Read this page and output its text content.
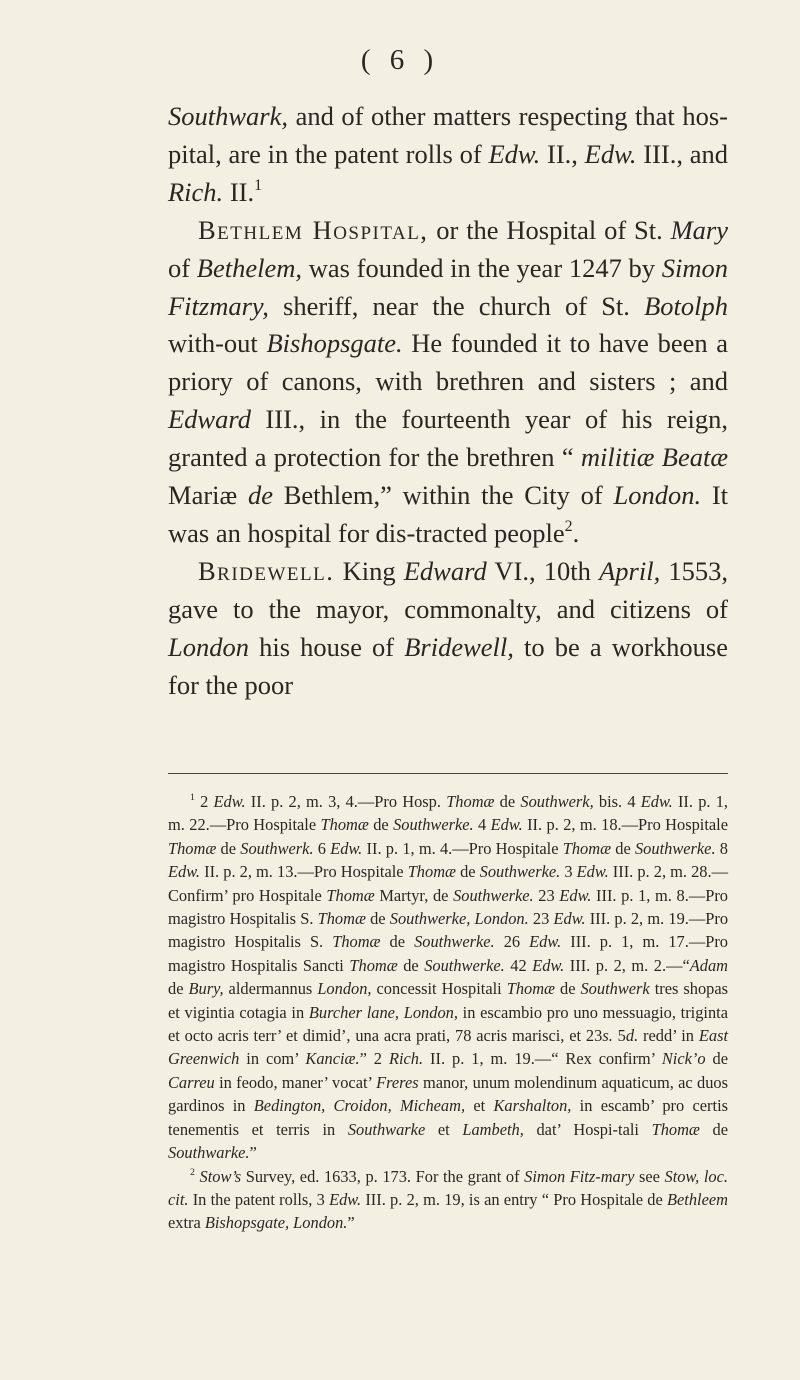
( 6 )

Southwark, and of other matters respecting that hos-pital, are in the patent rolls of Edw. II., Edw. III., and Rich. II.$^1$

Bethlem Hospital, or the Hospital of St. Mary of Bethelem, was founded in the year 1247 by Simon Fitzmary, sheriff, near the church of St. Botolph with-out Bishopsgate. He founded it to have been a priory of canons, with brethren and sisters ; and Edward III., in the fourteenth year of his reign, granted a protection for the brethren “ militiæ Beatæ Mariæ de Bethlem,” within the City of London. It was an hospital for dis-tracted people$^2$.

Bridewell. King Edward VI., 10th April, 1553, gave to the mayor, commonalty, and citizens of London his house of Bridewell, to be a workhouse for the poor

$^1$ 2 Edw. II. p. 2, m. 3, 4.—Pro Hosp. Thomæ de Southwerk, bis. 4 Edw. II. p. 1, m. 22.—Pro Hospitale Thomæ de Southwerke. 4 Edw. II. p. 2, m. 18.—Pro Hospitale Thomæ de Southwerk. 6 Edw. II. p. 1, m. 4.—Pro Hospitale Thomæ de Southwerke. 8 Edw. II. p. 2, m. 13.—Pro Hospitale Thomæ de Southwerke. 3 Edw. III. p. 2, m. 28.—Confirm’ pro Hospitale Thomæ Martyr, de Southwerke. 23 Edw. III. p. 1, m. 8.—Pro magistro Hospitalis S. Thomæ de Southwerke, London. 23 Edw. III. p. 2, m. 19.—Pro magistro Hospitalis S. Thomæ de Southwerke. 26 Edw. III. p. 1, m. 17.—Pro magistro Hospitalis Sancti Thomæ de Southwerke. 42 Edw. III. p. 2, m. 2.—“Adam de Bury, aldermannus London, concessit Hospitali Thomæ de Southwerk tres shopas et vigintia cotagia in Burcher lane, London, in escambio pro uno messuagio, triginta et octo acris terr’ et dimid’, una acra prati, 78 acris marisci, et 23s. 5d. redd’ in East Greenwich in com’ Kanciæ.” 2 Rich. II. p. 1, m. 19.—“ Rex confirm’ Nick’o de Carreu in feodo, maner’ vocat’ Freres manor, unum molendinum aquaticum, ac duos gardinos in Bedington, Croidon, Micheam, et Karshalton, in escamb’ pro certis tenementis et terris in Southwarke et Lambeth, dat’ Hospi-tali Thomæ de Southwarke.”

$^2$ Stow’s Survey, ed. 1633, p. 173. For the grant of Simon Fitz-mary see Stow, loc. cit. In the patent rolls, 3 Edw. III. p. 2, m. 19, is an entry “ Pro Hospitale de Bethleem extra Bishopsgate, London.”
